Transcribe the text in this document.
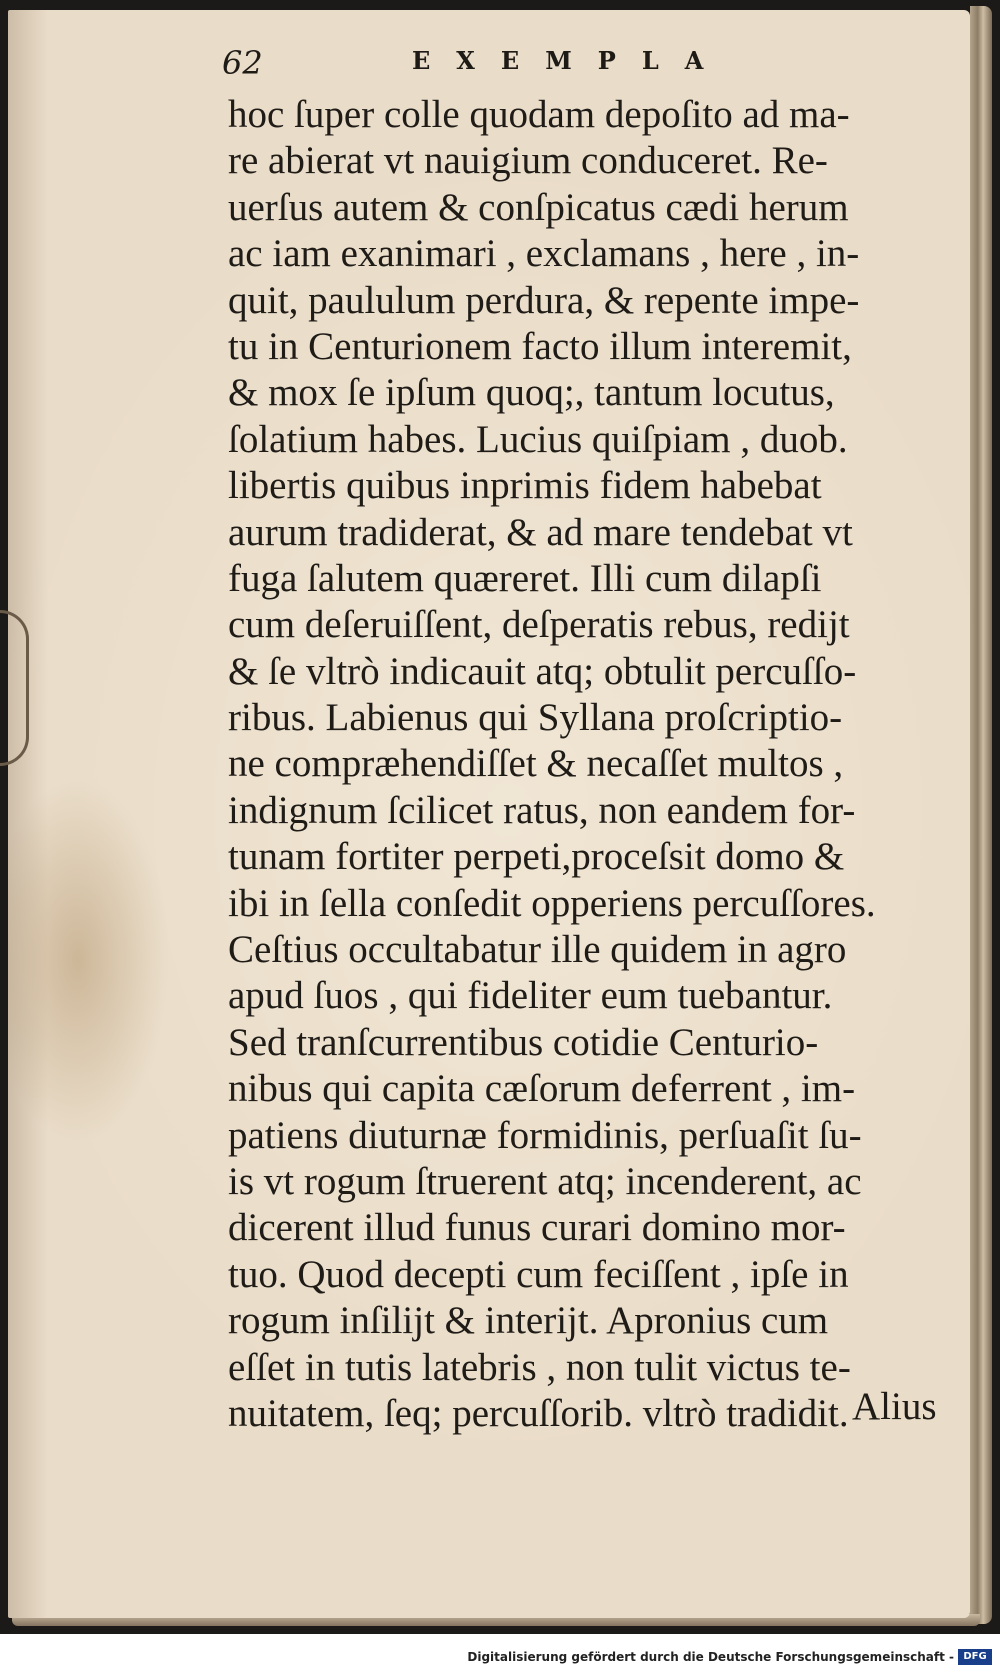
62	EXEMPLA
hoc ſuper colle quodam depoſito ad ma-
re abierat vt nauigium conduceret. Re-
uerſus autem & conſpicatus cædi herum
ac iam exanimari , exclamans , here , in-
quit, paululum perdura, & repente impe-
tu in Centurionem facto illum interemit,
& mox ſe ipſum quoq;, tantum locutus,
ſolatium habes. Lucius quiſpiam , duob.
libertis quibus inprimis fidem habebat
aurum tradiderat, & ad mare tendebat vt
fuga ſalutem quæreret. Illi cum dilapſi
cum deſeruiſſent, deſperatis rebus, redijt
& ſe vltrò indicauit atq; obtulit percuſſo-
ribus. Labienus qui Syllana proſcriptio-
ne compræhendiſſet & necaſſet multos ,
indignum ſcilicet ratus, non eandem for-
tunam fortiter perpeti,proceſsit domo &
ibi in ſella conſedit opperiens percuſſores.
Ceſtius occultabatur ille quidem in agro
apud ſuos , qui fideliter eum tuebantur.
Sed tranſcurrentibus cotidie Centurio-
nibus qui capita cæſorum deferrent , im-
patiens diuturnæ formidinis, perſuaſit ſu-
is vt rogum ſtruerent atq; incenderent, ac
dicerent illud funus curari domino mor-
tuo. Quod decepti cum feciſſent , ipſe in
rogum inſilijt & interijt. Apronius cum
eſſet in tutis latebris , non tulit victus te-
nuitatem, ſeq; percuſſorib. vltrò tradidit. Alius
Digitalisierung gefördert durch die Deutsche Forschungsgemeinschaft - DFG
